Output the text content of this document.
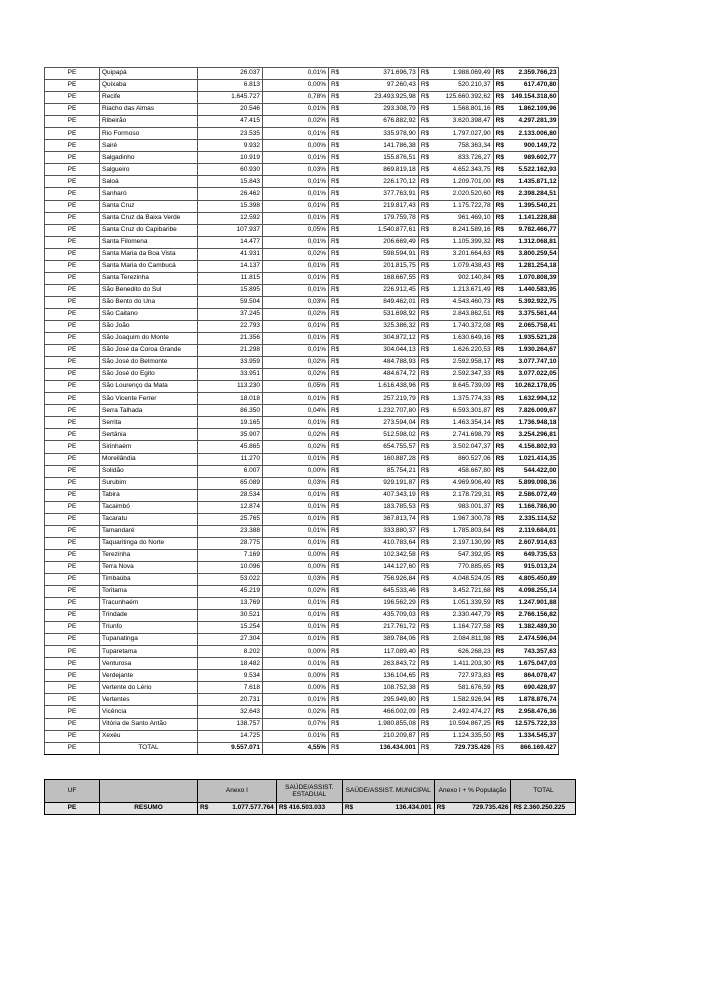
PE	Quipapá	26.037	0,01%	R$	371.696,73	R$	1.988.069,49	R$	2.359.766,23
PE	Quixaba	6.813	0,00%	R$	97.260,43	R$	520.210,37	R$	617.470,80
PE	Recife	1.645.727	0,78%	R$	23.493.925,98	R$	125.660.392,62	R$	149.154.318,60
PE	Riacho das Almas	20.546	0,01%	R$	293.308,79	R$	1.568.801,16	R$	1.862.109,96
PE	Ribeirão	47.415	0,02%	R$	676.882,92	R$	3.620.398,47	R$	4.297.281,39
PE	Rio Formoso	23.535	0,01%	R$	335.978,90	R$	1.797.027,90	R$	2.133.006,80
PE	Sairé	9.932	0,00%	R$	141.786,38	R$	758.363,34	R$	900.149,72
PE	Salgadinho	10.919	0,01%	R$	155.876,51	R$	833.726,27	R$	989.602,77
PE	Salgueiro	60.930	0,03%	R$	869.819,18	R$	4.652.343,75	R$	5.522.162,93
PE	Saloá	15.843	0,01%	R$	226.170,12	R$	1.209.701,00	R$	1.435.871,12
PE	Sanharó	26.462	0,01%	R$	377.763,91	R$	2.020.520,60	R$	2.398.284,51
PE	Santa Cruz	15.398	0,01%	R$	219.817,43	R$	1.175.722,78	R$	1.395.540,21
PE	Santa Cruz da Baixa Verde	12.592	0,01%	R$	179.759,78	R$	961.469,10	R$	1.141.228,88
PE	Santa Cruz do Capibaribe	107.937	0,05%	R$	1.540.877,61	R$	8.241.589,16	R$	9.782.466,77
PE	Santa Filomena	14.477	0,01%	R$	206.669,49	R$	1.105.399,32	R$	1.312.068,81
PE	Santa Maria da Boa Vista	41.931	0,02%	R$	598.594,91	R$	3.201.664,63	R$	3.800.259,54
PE	Santa Maria do Cambucá	14.137	0,01%	R$	201.815,75	R$	1.079.438,43	R$	1.281.254,18
PE	Santa Terezinha	11.815	0,01%	R$	168.667,55	R$	902.140,84	R$	1.070.808,39
PE	São Benedito do Sul	15.895	0,01%	R$	226.912,45	R$	1.213.671,49	R$	1.440.583,95
PE	São Bento do Una	59.504	0,03%	R$	849.462,01	R$	4.543.460,73	R$	5.392.922,75
PE	São Caitano	37.245	0,02%	R$	531.698,92	R$	2.843.862,51	R$	3.375.561,44
PE	São João	22.793	0,01%	R$	325.386,32	R$	1.740.372,08	R$	2.065.758,41
PE	São Joaquim do Monte	21.356	0,01%	R$	304.872,12	R$	1.630.649,16	R$	1.935.521,28
PE	São José da Coroa Grande	21.298	0,01%	R$	304.044,13	R$	1.626.220,53	R$	1.930.264,67
PE	São José do Belmonte	33.959	0,02%	R$	484.788,93	R$	2.592.958,17	R$	3.077.747,10
PE	São José do Egito	33.951	0,02%	R$	484.674,72	R$	2.592.347,33	R$	3.077.022,05
PE	São Lourenço da Mata	113.230	0,05%	R$	1.616.438,96	R$	8.645.739,09	R$	10.262.178,05
PE	São Vicente Ferrer	18.018	0,01%	R$	257.219,79	R$	1.375.774,33	R$	1.632.994,12
PE	Serra Talhada	86.350	0,04%	R$	1.232.707,80	R$	6.593.301,87	R$	7.826.009,67
PE	Serrita	19.165	0,01%	R$	273.594,04	R$	1.463.354,14	R$	1.736.948,18
PE	Sertânia	35.907	0,02%	R$	512.598,02	R$	2.741.698,79	R$	3.254.296,81
PE	Sirinhaém	45.865	0,02%	R$	654.755,57	R$	3.502.047,37	R$	4.156.802,93
PE	Moreilândia	11.270	0,01%	R$	160.887,28	R$	860.527,06	R$	1.021.414,35
PE	Solidão	6.007	0,00%	R$	85.754,21	R$	458.667,80	R$	544.422,00
PE	Surubim	65.089	0,03%	R$	929.191,87	R$	4.969.906,49	R$	5.899.098,36
PE	Tabira	28.534	0,01%	R$	407.343,19	R$	2.178.729,31	R$	2.586.072,49
PE	Tacaimbó	12.874	0,01%	R$	183.785,53	R$	983.001,37	R$	1.166.786,90
PE	Tacaratu	25.765	0,01%	R$	367.813,74	R$	1.967.300,78	R$	2.335.114,52
PE	Tamandaré	23.388	0,01%	R$	333.880,37	R$	1.785.803,64	R$	2.119.684,01
PE	Taquaritinga do Norte	28.775	0,01%	R$	410.783,64	R$	2.197.130,99	R$	2.607.914,63
PE	Terezinha	7.169	0,00%	R$	102.342,58	R$	547.392,95	R$	649.735,53
PE	Terra Nova	10.096	0,00%	R$	144.127,60	R$	770.885,65	R$	915.013,24
PE	Timbaúba	53.022	0,03%	R$	756.926,84	R$	4.048.524,05	R$	4.805.450,89
PE	Toritama	45.219	0,02%	R$	645.533,46	R$	3.452.721,68	R$	4.098.255,14
PE	Tracunhaém	13.769	0,01%	R$	196.562,29	R$	1.051.339,59	R$	1.247.901,88
PE	Trindade	30.521	0,01%	R$	435.709,03	R$	2.330.447,79	R$	2.766.156,82
PE	Triunfo	15.254	0,01%	R$	217.761,72	R$	1.164.727,58	R$	1.382.489,30
PE	Tupanatinga	27.304	0,01%	R$	389.784,06	R$	2.084.811,98	R$	2.474.596,04
PE	Tuparetama	8.202	0,00%	R$	117.089,40	R$	626.268,23	R$	743.357,63
PE	Venturosa	18.482	0,01%	R$	263.843,72	R$	1.411.203,30	R$	1.675.047,03
PE	Verdejante	9.534	0,00%	R$	136.104,65	R$	727.973,83	R$	864.078,47
PE	Vertente do Lério	7.618	0,00%	R$	108.752,38	R$	581.676,59	R$	690.428,97
PE	Vertentes	20.731	0,01%	R$	295.949,80	R$	1.582.926,94	R$	1.878.876,74
PE	Vicência	32.643	0,02%	R$	466.002,09	R$	2.492.474,27	R$	2.958.476,36
PE	Vitória de Santo Antão	138.757	0,07%	R$	1.980.855,08	R$	10.594.867,25	R$	12.575.722,33
PE	Xexéu	14.725	0,01%	R$	210.209,87	R$	1.124.335,50	R$	1.334.545,37
PE	TOTAL	9.557.071	4,55%	R$	136.434.001	R$	729.735.426	R$	866.169.427
UF		Anexo I		SAÚDE/ASSIST. ESTADUAL	SAÚDE/ASSIST. MUNICIPAL		Anexo I + % População		TOTAL
PE	RESUMO	R$	1.077.577.764	R$ 416.503.033	R$	136.434.001	R$	729.735.426	R$ 2.360.250.225
